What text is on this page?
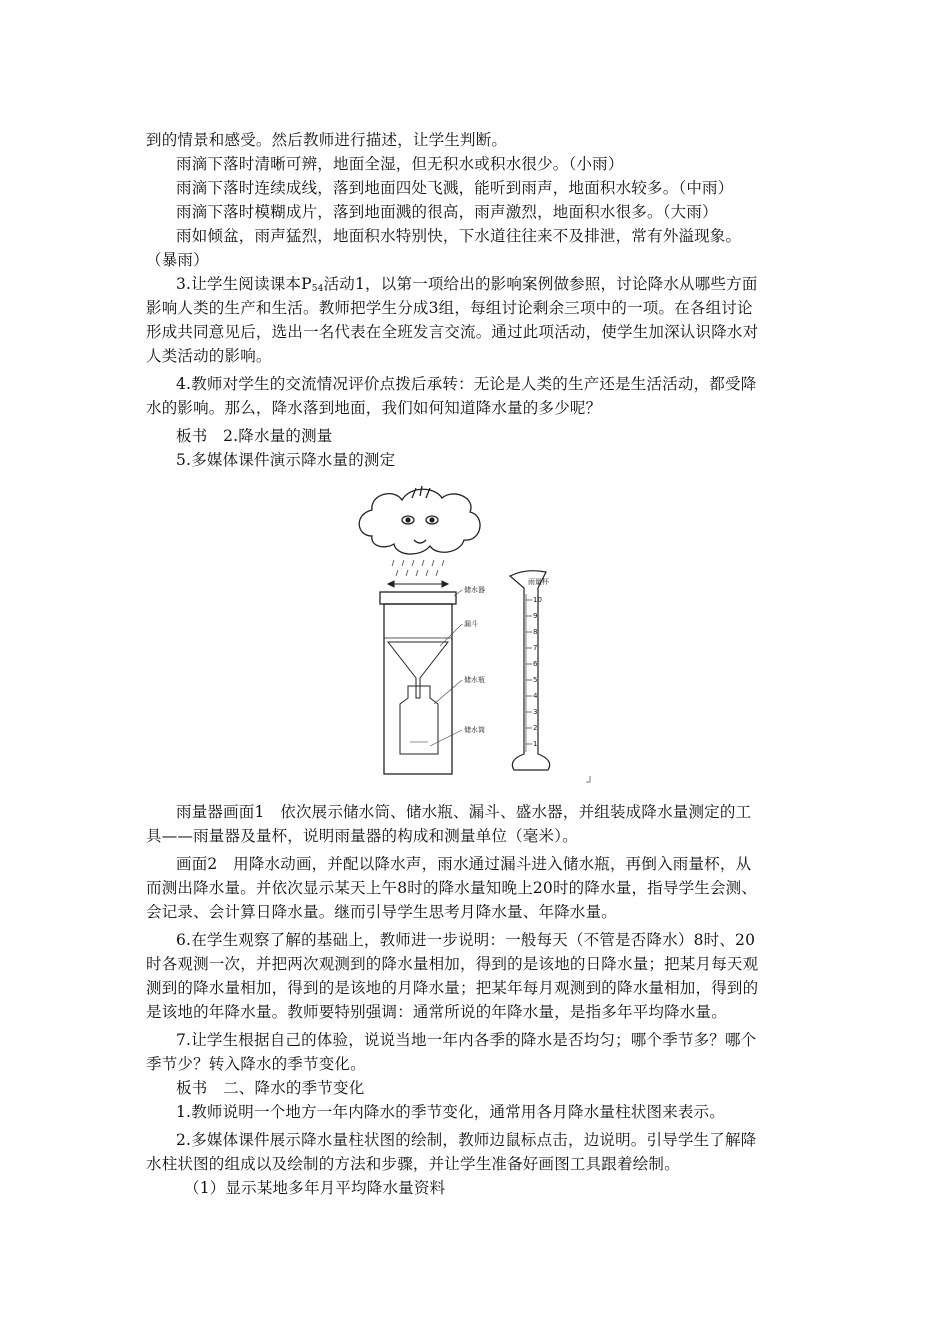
到的情景和感受。然后教师进行描述，让学生判断。
雨滴下落时清晰可辨，地面全湿，但无积水或积水很少。（小雨）
雨滴下落时连续成线，落到地面四处飞溅，能听到雨声，地面积水较多。（中雨）
雨滴下落时模糊成片，落到地面溅的很高，雨声激烈，地面积水很多。（大雨）
雨如倾盆，雨声猛烈，地面积水特别快，下水道往往来不及排泄，常有外溢现象。
（暴雨）
3.让学生阅读课本$P_{54}$活动1，以第一项给出的影响案例做参照，讨论降水从哪些方面
影响人类的生产和生活。教师把学生分成3组，每组讨论剩余三项中的一项。在各组讨论
形成共同意见后，选出一名代表在全班发言交流。通过此项活动，使学生加深认识降水对
人类活动的影响。
4.教师对学生的交流情况评价点拨后承转：无论是人类的生产还是生活活动，都受降
水的影响。那么，降水落到地面，我们如何知道降水量的多少呢？
板书　2.降水量的测量
5.多媒体课件演示降水量的测定
储水器
漏斗
储水瓶
储水筒
雨量杯
10
9
8
7
6
5
4
3
2
1
雨量器画面1　依次展示储水筒、储水瓶、漏斗、盛水器，并组装成降水量测定的工
具——雨量器及量杯，说明雨量器的构成和测量单位（毫米）。
画面2　用降水动画，并配以降水声，雨水通过漏斗进入储水瓶，再倒入雨量杯，从
而测出降水量。并依次显示某天上午8时的降水量知晚上20时的降水量，指导学生会测、
会记录、会计算日降水量。继而引导学生思考月降水量、年降水量。
6.在学生观察了解的基础上，教师进一步说明：一般每天（不管是否降水）8时、20
时各观测一次，并把两次观测到的降水量相加，得到的是该地的日降水量；把某月每天观
测到的降水量相加，得到的是该地的月降水量；把某年每月观测到的降水量相加，得到的
是该地的年降水量。教师要特别强调：通常所说的年降水量，是指多年平均降水量。
7.让学生根据自己的体验，说说当地一年内各季的降水是否均匀；哪个季节多？哪个
季节少？转入降水的季节变化。
板书　二、降水的季节变化
1.教师说明一个地方一年内降水的季节变化，通常用各月降水量柱状图来表示。
2.多媒体课件展示降水量柱状图的绘制，教师边鼠标点击，边说明。引导学生了解降
水柱状图的组成以及绘制的方法和步骤，并让学生准备好画图工具跟着绘制。
（1）显示某地多年月平均降水量资料
